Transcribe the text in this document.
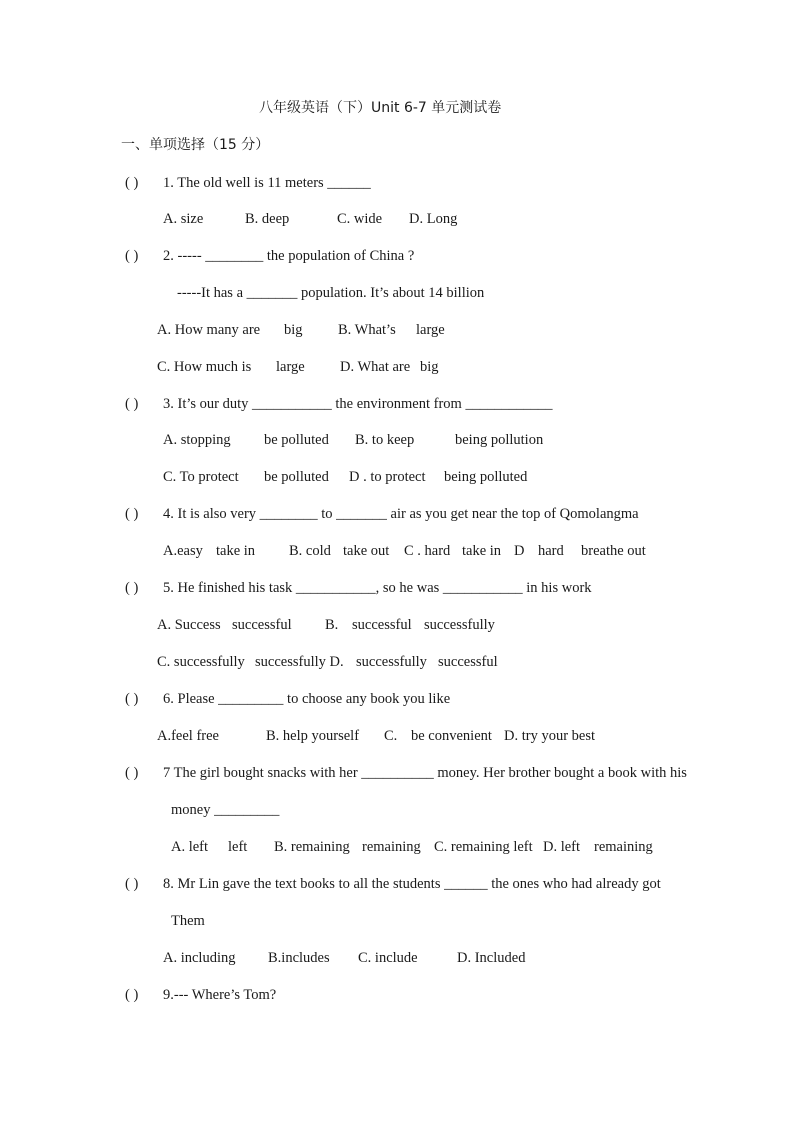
八年级英语（下）Unit 6-7 单元测试卷
一、单项选择（15 分）
( ) 1. The old well is 11 meters ______
A. size	B. deep	C. wide D. Long
( ) 2. ----- ________ the population of China ?
-----It has a _______ population. It’s about 14 billion
A. How many are big B. What’s large
C. How much is large D. What are big
( ) 3. It’s our duty ___________ the environment from ____________
A. stopping be polluted B. to keep	being pollution
C. To protect be polluted D . to protect being polluted
( ) 4. It is also very ________ to _______ air as you get near the top of Qomolangma
A.easy take in B. cold take out C . hard take in D hard breathe out
( ) 5. He finished his task ___________, so he was ___________ in his work
A. Success successful B. successful successfully
C. successfully successfully D. successfully successful
( ) 6. Please _________ to choose any book you like
A.feel free	B. help yourself C. be convenient D. try your best
( ) 7 The girl bought snacks with her __________ money. Her brother bought a book with his
money _________
A. left left B. remaining remaining C. remaining left D. left remaining
( ) 8. Mr Lin gave the text books to all the students ______ the ones who had already got
Them
A. including B.includes C. include	D. Included
( ) 9.--- Where’s Tom?
